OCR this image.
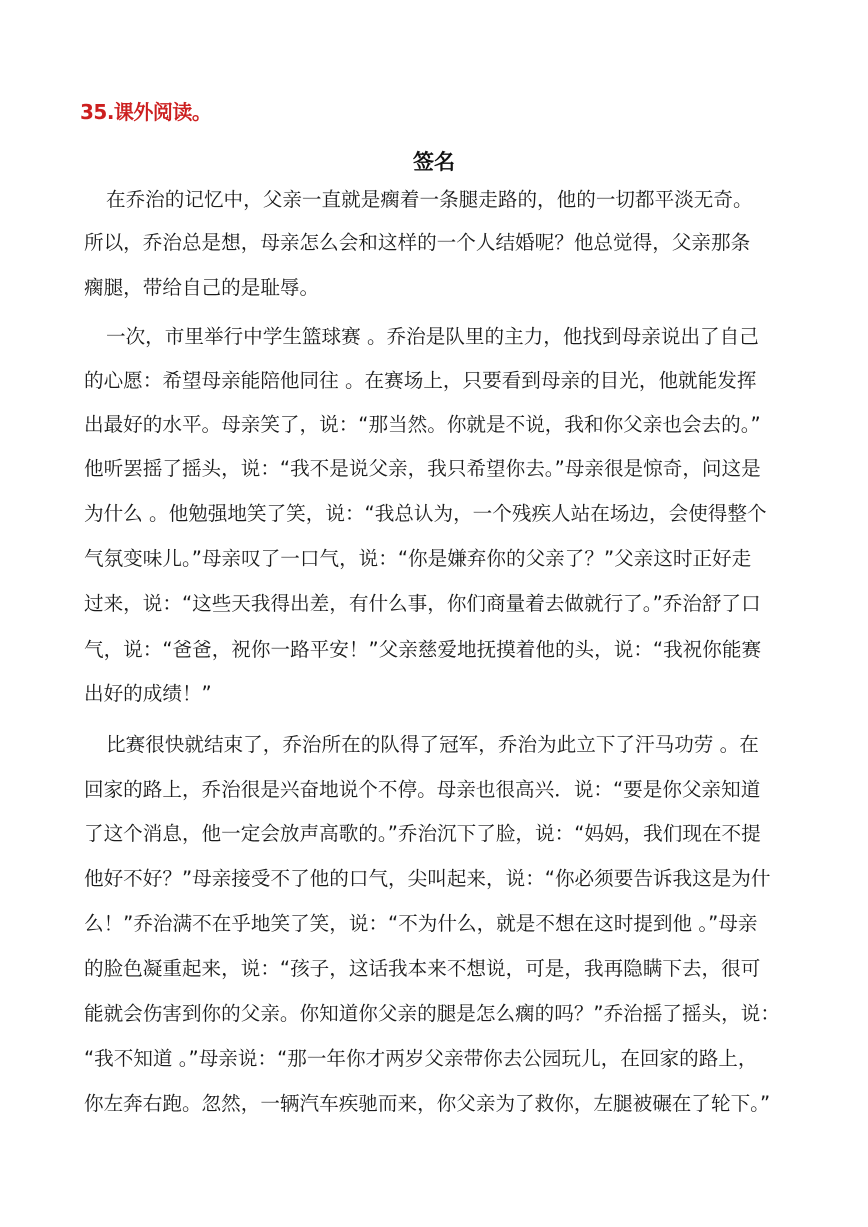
35.课外阅读。
签名
在乔治的记忆中，父亲一直就是瘸着一条腿走路的，他的一切都平淡无奇。
所以，乔治总是想，母亲怎么会和这样的一个人结婚呢？他总觉得，父亲那条
瘸腿，带给自己的是耻辱。
一次，市里举行中学生篮球赛 。乔治是队里的主力，他找到母亲说出了自己
的心愿：希望母亲能陪他同往 。在赛场上，只要看到母亲的目光，他就能发挥
出最好的水平。母亲笑了，说：“那当然。你就是不说，我和你父亲也会去的。”
他听罢摇了摇头，说：“我不是说父亲，我只希望你去。”母亲很是惊奇，问这是
为什么 。他勉强地笑了笑，说：“我总认为，一个残疾人站在场边，会使得整个
气氛变味儿。”母亲叹了一口气，说：“你是嫌弃你的父亲了？”父亲这时正好走
过来，说：“这些天我得出差，有什么事，你们商量着去做就行了。”乔治舒了口
气，说：“爸爸，祝你一路平安！”父亲慈爱地抚摸着他的头，说：“我祝你能赛
出好的成绩！”
比赛很快就结束了，乔治所在的队得了冠军，乔治为此立下了汗马功劳 。在
回家的路上，乔治很是兴奋地说个不停。母亲也很高兴．说：“要是你父亲知道
了这个消息，他一定会放声高歌的。”乔治沉下了脸，说：“妈妈，我们现在不提
他好不好？”母亲接受不了他的口气，尖叫起来，说：“你必须要告诉我这是为什
么！”乔治满不在乎地笑了笑，说：“不为什么，就是不想在这时提到他 。”母亲
的脸色凝重起来，说：“孩子，这话我本来不想说，可是，我再隐瞒下去，很可
能就会伤害到你的父亲。你知道你父亲的腿是怎么瘸的吗？”乔治摇了摇头，说：
“我不知道 。”母亲说：“那一年你才两岁父亲带你去公园玩儿，在回家的路上，
你左奔右跑。忽然，一辆汽车疾驰而来，你父亲为了救你，左腿被碾在了轮下。”
